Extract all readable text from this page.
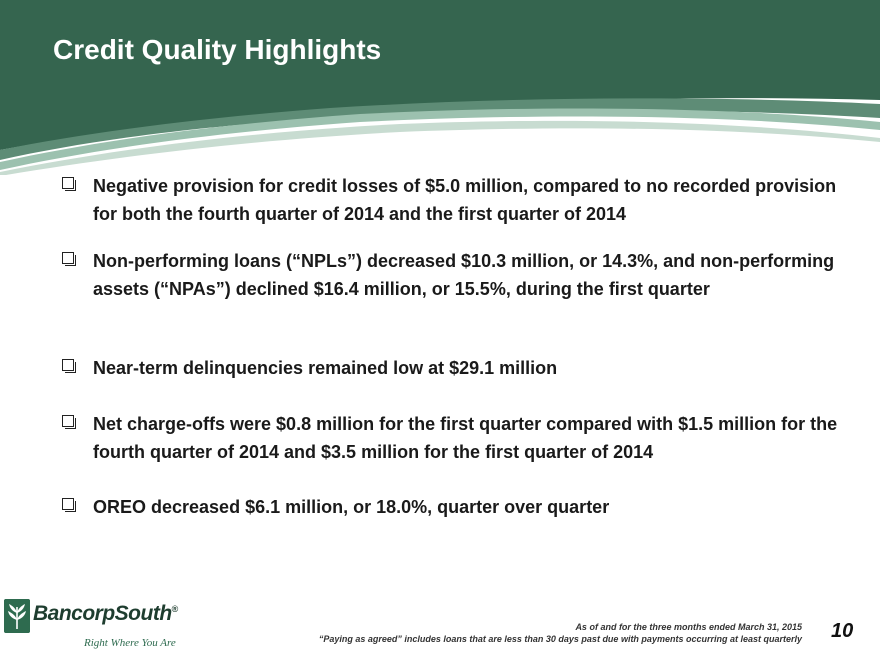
Credit Quality Highlights
Negative provision for credit losses of $5.0 million, compared to no recorded provision for both the fourth quarter of 2014 and the first quarter of 2014
Non-performing loans (“NPLs”) decreased $10.3 million, or 14.3%, and non-performing assets (“NPAs”) declined $16.4 million, or 15.5%, during the first quarter
Near-term delinquencies remained low at $29.1 million
Net charge-offs were $0.8 million for the first quarter compared with $1.5 million for the fourth quarter of 2014 and $3.5 million for the first quarter of 2014
OREO decreased $6.1 million, or 18.0%, quarter over quarter
BancorpSouth®
Right Where You Are
As of and for the three months ended March 31, 2015
“Paying as agreed” includes loans that are less than 30 days past due with payments occurring at least quarterly 10
